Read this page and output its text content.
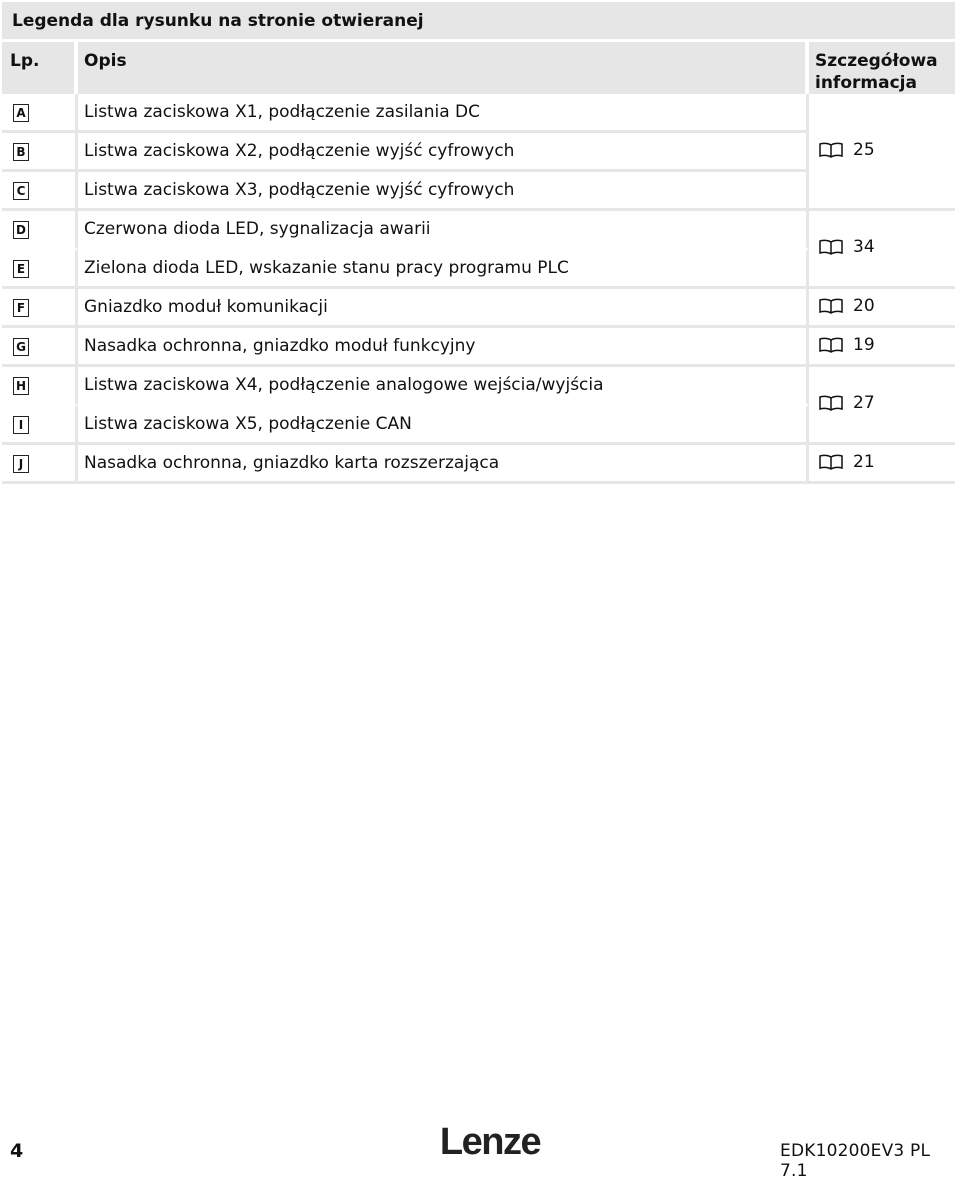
Legenda dla rysunku na stronie otwieranej
Lp.	Opis	Szczegółowa informacja
A	Listwa zaciskowa X1, podłączenie zasilania DC	25

B	Listwa zaciskowa X2, podłączenie wyjść cyfrowych	
C	Listwa zaciskowa X3, podłączenie wyjść cyfrowych	
D	Czerwona dioda LED, sygnalizacja awarii	34

E	Zielona dioda LED, wskazanie stanu pracy programu PLC	
F	Gniazdko moduł komunikacji	20

G	Nasadka ochronna, gniazdko moduł funkcyjny	19

H	Listwa zaciskowa X4, podłączenie analogowe wejścia/wyjścia	27

I	Listwa zaciskowa X5, podłączenie CAN	
J	Nasadka ochronna, gniazdko karta rozszerzająca	21
4	Lenze	EDK10200EV3 PL 7.1
